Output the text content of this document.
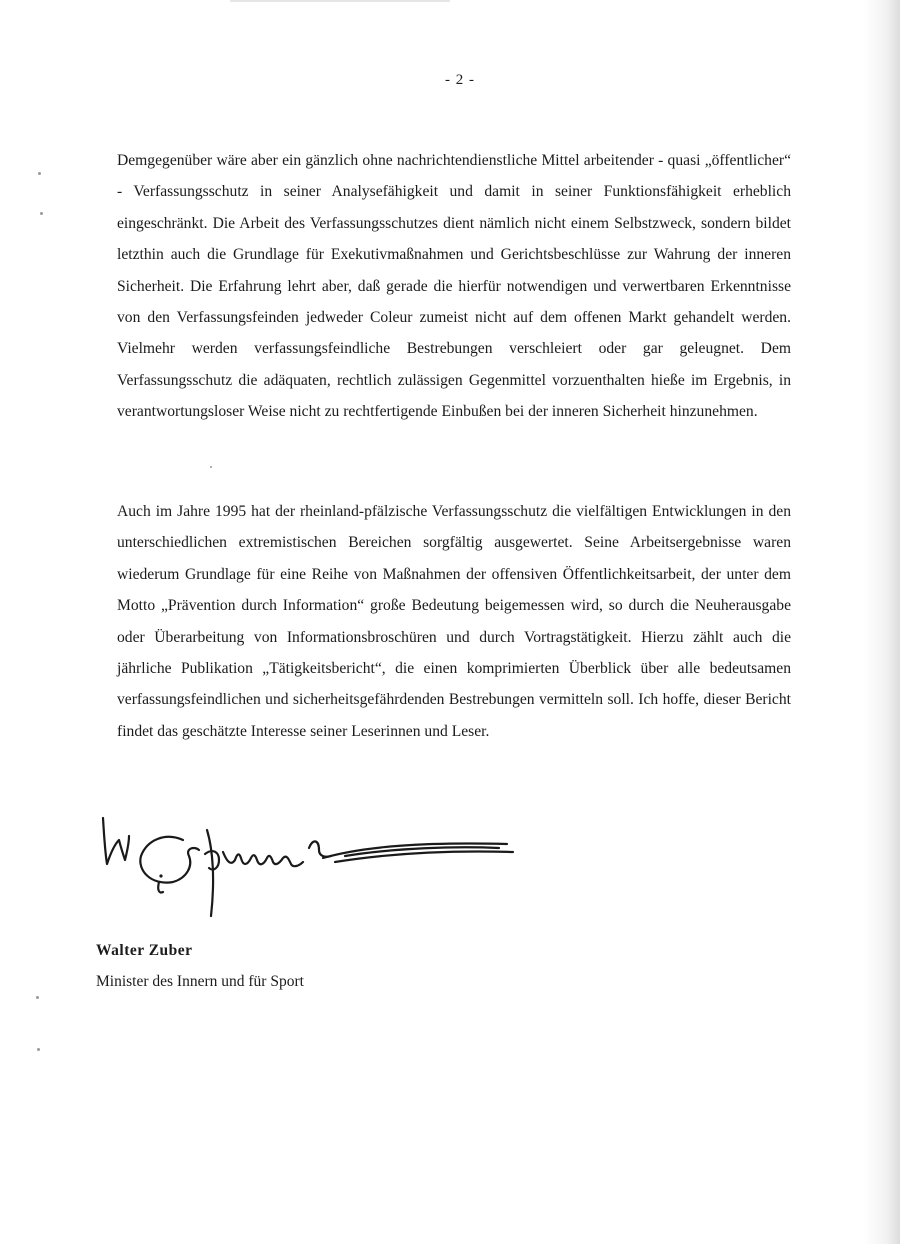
- 2 -

Demgegenüber wäre aber ein gänzlich ohne nachrichtendienstliche Mittel arbeitender - quasi „öffentlicher“ - Verfassungsschutz in seiner Analysefähigkeit und damit in seiner Funktionsfähigkeit erheblich eingeschränkt. Die Arbeit des Verfassungsschutzes dient nämlich nicht einem Selbstzweck, sondern bildet letzthin auch die Grundlage für Exekutivmaßnahmen und Gerichtsbeschlüsse zur Wahrung der inneren Sicherheit. Die Erfahrung lehrt aber, daß gerade die hierfür notwendigen und verwertbaren Erkenntnisse von den Verfassungsfeinden jedweder Coleur zumeist nicht auf dem offenen Markt gehandelt werden. Vielmehr werden verfassungsfeindliche Bestrebungen verschleiert oder gar geleugnet. Dem Verfassungsschutz die adäquaten, rechtlich zulässigen Gegenmittel vorzuenthalten hieße im Ergebnis, in verantwortungsloser Weise nicht zu rechtfertigende Einbußen bei der inneren Sicherheit hinzunehmen.

Auch im Jahre 1995 hat der rheinland-pfälzische Verfassungsschutz die vielfältigen Entwicklungen in den unterschiedlichen extremistischen Bereichen sorgfältig ausgewertet. Seine Arbeitsergebnisse waren wiederum Grundlage für eine Reihe von Maßnahmen der offensiven Öffentlichkeitsarbeit, der unter dem Motto „Prävention durch Information“ große Bedeutung beigemessen wird, so durch die Neuherausgabe oder Überarbeitung von Informationsbroschüren und durch Vortragstätigkeit. Hierzu zählt auch die jährliche Publikation „Tätigkeitsbericht“, die einen komprimierten Überblick über alle bedeutsamen verfassungsfeindlichen und sicherheitsgefährdenden Bestrebungen vermitteln soll. Ich hoffe, dieser Bericht findet das geschätzte Interesse seiner Leserinnen und Leser.

Walter Zuber
Minister des Innern und für Sport
